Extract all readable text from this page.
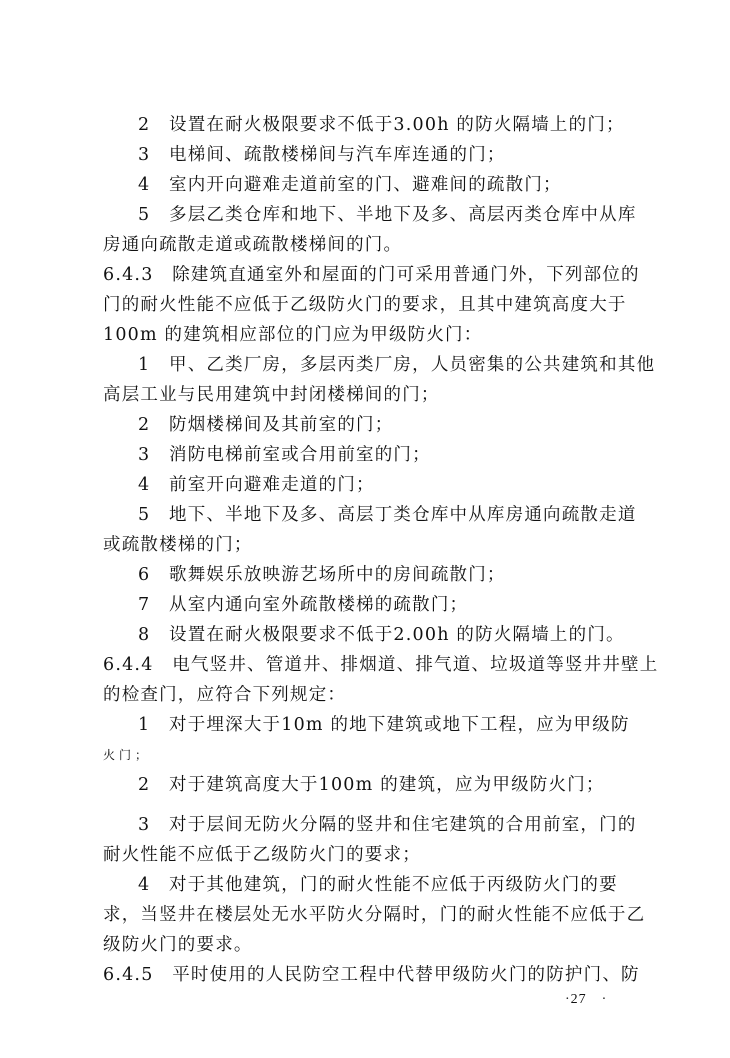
2　设置在耐火极限要求不低于3.00h 的防火隔墙上的门；
3　电梯间、疏散楼梯间与汽车库连通的门；
4　室内开向避难走道前室的门、避难间的疏散门；
5　多层乙类仓库和地下、半地下及多、高层丙类仓库中从库
房通向疏散走道或疏散楼梯间的门。
6.4.3　除建筑直通室外和屋面的门可采用普通门外，下列部位的
门的耐火性能不应低于乙级防火门的要求，且其中建筑高度大于
100m 的建筑相应部位的门应为甲级防火门：
1　甲、乙类厂房，多层丙类厂房，人员密集的公共建筑和其他
高层工业与民用建筑中封闭楼梯间的门；
2　防烟楼梯间及其前室的门；
3　消防电梯前室或合用前室的门；
4　前室开向避难走道的门；
5　地下、半地下及多、高层丁类仓库中从库房通向疏散走道
或疏散楼梯的门；
6　歌舞娱乐放映游艺场所中的房间疏散门；
7　从室内通向室外疏散楼梯的疏散门；
8　设置在耐火极限要求不低于2.00h 的防火隔墙上的门。
6.4.4　电气竖井、管道井、排烟道、排气道、垃圾道等竖井井壁上
的检查门，应符合下列规定：
1　对于埋深大于10m 的地下建筑或地下工程，应为甲级防
火门；
2　对于建筑高度大于100m 的建筑，应为甲级防火门；
3　对于层间无防火分隔的竖井和住宅建筑的合用前室，门的
耐火性能不应低于乙级防火门的要求；
4　对于其他建筑，门的耐火性能不应低于丙级防火门的要
求，当竖井在楼层处无水平防火分隔时，门的耐火性能不应低于乙
级防火门的要求。
6.4.5　平时使用的人民防空工程中代替甲级防火门的防护门、防
·27　·
